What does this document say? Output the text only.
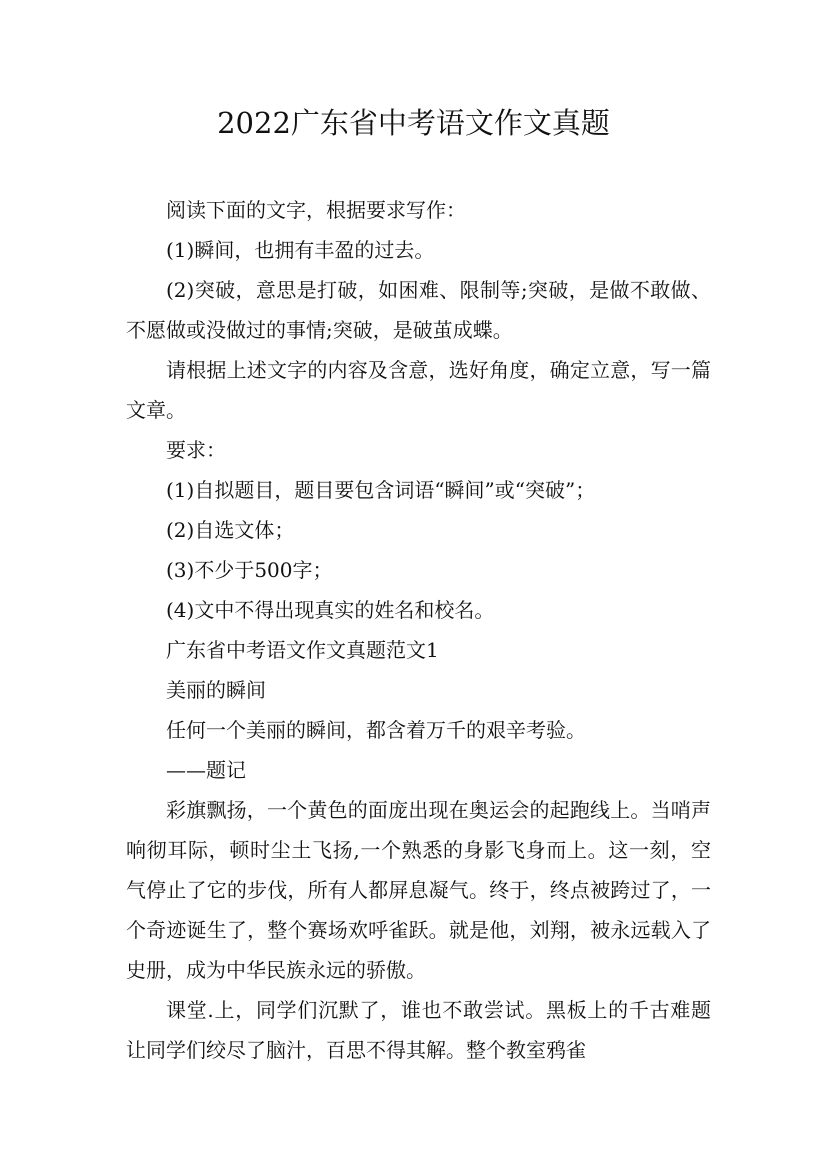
2022广东省中考语文作文真题

阅读下面的文字，根据要求写作：

(1)瞬间，也拥有丰盈的过去。

(2)突破，意思是打破，如困难、限制等;突破，是做不敢做、不愿做或没做过的事情;突破，是破茧成蝶。

请根据上述文字的内容及含意，选好角度，确定立意，写一篇文章。

要求：

(1)自拟题目，题目要包含词语“瞬间”或“突破”；

(2)自选文体；

(3)不少于500字；

(4)文中不得出现真实的姓名和校名。

广东省中考语文作文真题范文1

美丽的瞬间

任何一个美丽的瞬间，都含着万千的艰辛考验。

——题记

彩旗飘扬，一个黄色的面庞出现在奥运会的起跑线上。当哨声响彻耳际，顿时尘土飞扬,一个熟悉的身影飞身而上。这一刻，空气停止了它的步伐，所有人都屏息凝气。终于，终点被跨过了，一个奇迹诞生了，整个赛场欢呼雀跃。就是他，刘翔，被永远载入了史册，成为中华民族永远的骄傲。

课堂.上，同学们沉默了，谁也不敢尝试。黑板上的千古难题让同学们绞尽了脑汁，百思不得其解。整个教室鸦雀
